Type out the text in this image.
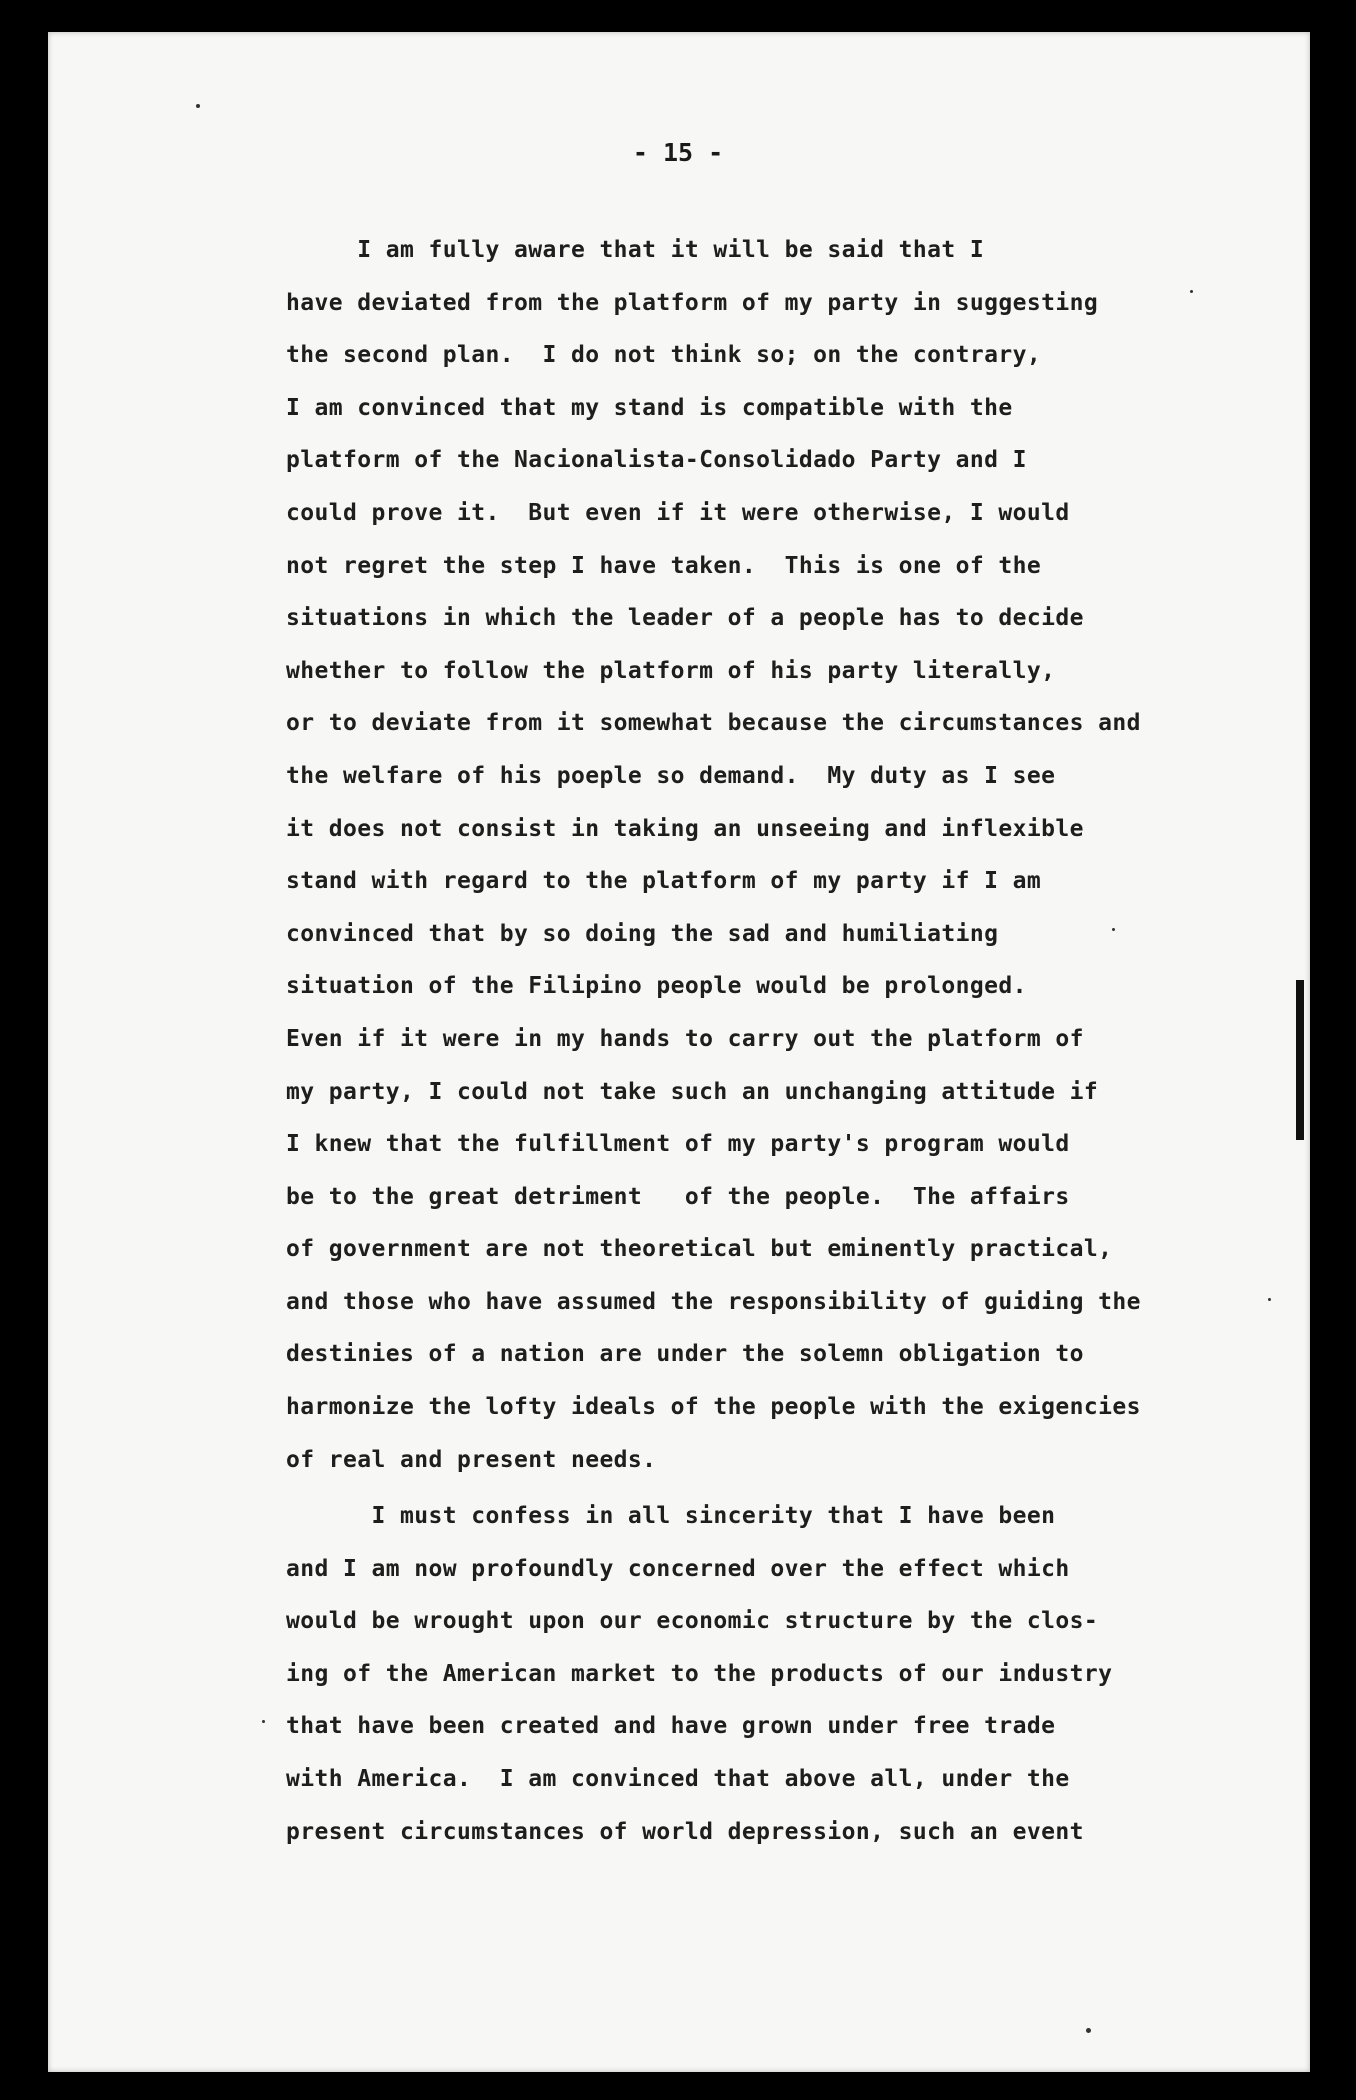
- 15 -
I am fully aware that it will be said that I
have deviated from the platform of my party in suggesting
the second plan.  I do not think so; on the contrary,
I am convinced that my stand is compatible with the
platform of the Nacionalista-Consolidado Party and I
could prove it.  But even if it were otherwise, I would
not regret the step I have taken.  This is one of the
situations in which the leader of a people has to decide
whether to follow the platform of his party literally,
or to deviate from it somewhat because the circumstances and
the welfare of his poeple so demand.  My duty as I see
it does not consist in taking an unseeing and inflexible
stand with regard to the platform of my party if I am
convinced that by so doing the sad and humiliating
situation of the Filipino people would be prolonged.
Even if it were in my hands to carry out the platform of
my party, I could not take such an unchanging attitude if
I knew that the fulfillment of my party's program would
be to the great detriment   of the people.  The affairs
of government are not theoretical but eminently practical,
and those who have assumed the responsibility of guiding the
destinies of a nation are under the solemn obligation to
harmonize the lofty ideals of the people with the exigencies
of real and present needs.
I must confess in all sincerity that I have been
and I am now profoundly concerned over the effect which
would be wrought upon our economic structure by the clos-
ing of the American market to the products of our industry
that have been created and have grown under free trade
with America.  I am convinced that above all, under the
present circumstances of world depression, such an event
